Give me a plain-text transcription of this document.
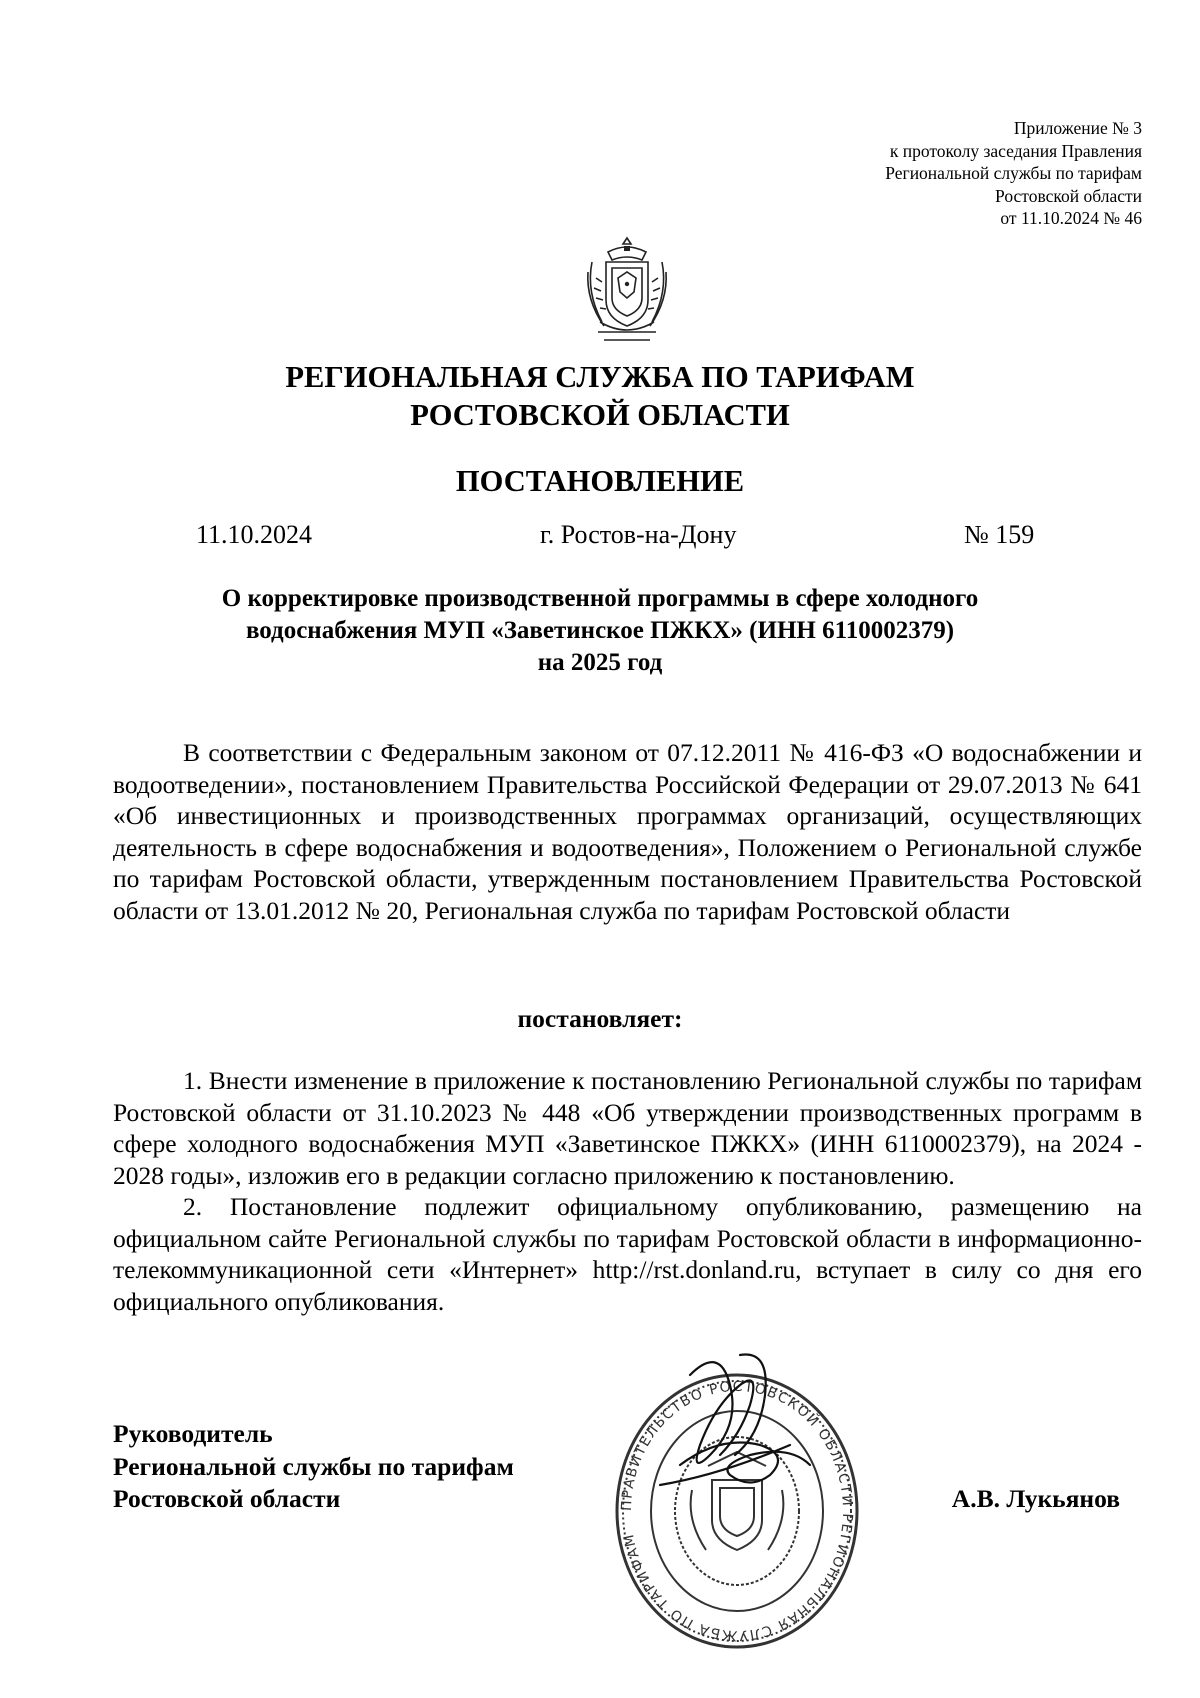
Приложение № 3
к протоколу заседания Правления
Региональной службы по тарифам
Ростовской области
от 11.10.2024 № 46
РЕГИОНАЛЬНАЯ СЛУЖБА ПО ТАРИФАМ
РОСТОВСКОЙ ОБЛАСТИ
ПОСТАНОВЛЕНИЕ
11.10.2024	г. Ростов-на-Дону	№ 159
О корректировке производственной программы в сфере холодного
водоснабжения МУП «Заветинское ПЖКХ» (ИНН 6110002379)
на 2025 год

В соответствии с Федеральным законом от 07.12.2011 № 416-ФЗ «О водоснабжении и водоотведении», постановлением Правительства Российской Федерации от 29.07.2013 № 641 «Об инвестиционных и производственных программах организаций, осуществляющих деятельность в сфере водоснабжения и водоотведения», Положением о Региональной службе по тарифам Ростовской области, утвержденным постановлением Правительства Ростовской области от 13.01.2012 № 20, Региональная служба по тарифам Ростовской области

постановляет:

1. Внести изменение в приложение к постановлению Региональной службы по тарифам Ростовской области от 31.10.2023 № 448 «Об утверждении производственных программ в сфере холодного водоснабжения МУП «Заветинское ПЖКХ» (ИНН 6110002379), на 2024 - 2028 годы», изложив его в редакции согласно приложению к постановлению.

2. Постановление подлежит официальному опубликованию, размещению на официальном сайте Региональной службы по тарифам Ростовской области в информационно-телекоммуникационной сети «Интернет» http://rst.donland.ru, вступает в силу со дня его официального опубликования.

Руководитель
Региональной службы по тарифам
Ростовской области	ПРАВИТЕЛЬСТВО РОСТОВСКОЙ ОБЛАСТИ РЕГИОНАЛЬНАЯ СЛУЖБА ПО ТАРИФАМ
А.В. Лукьянов
